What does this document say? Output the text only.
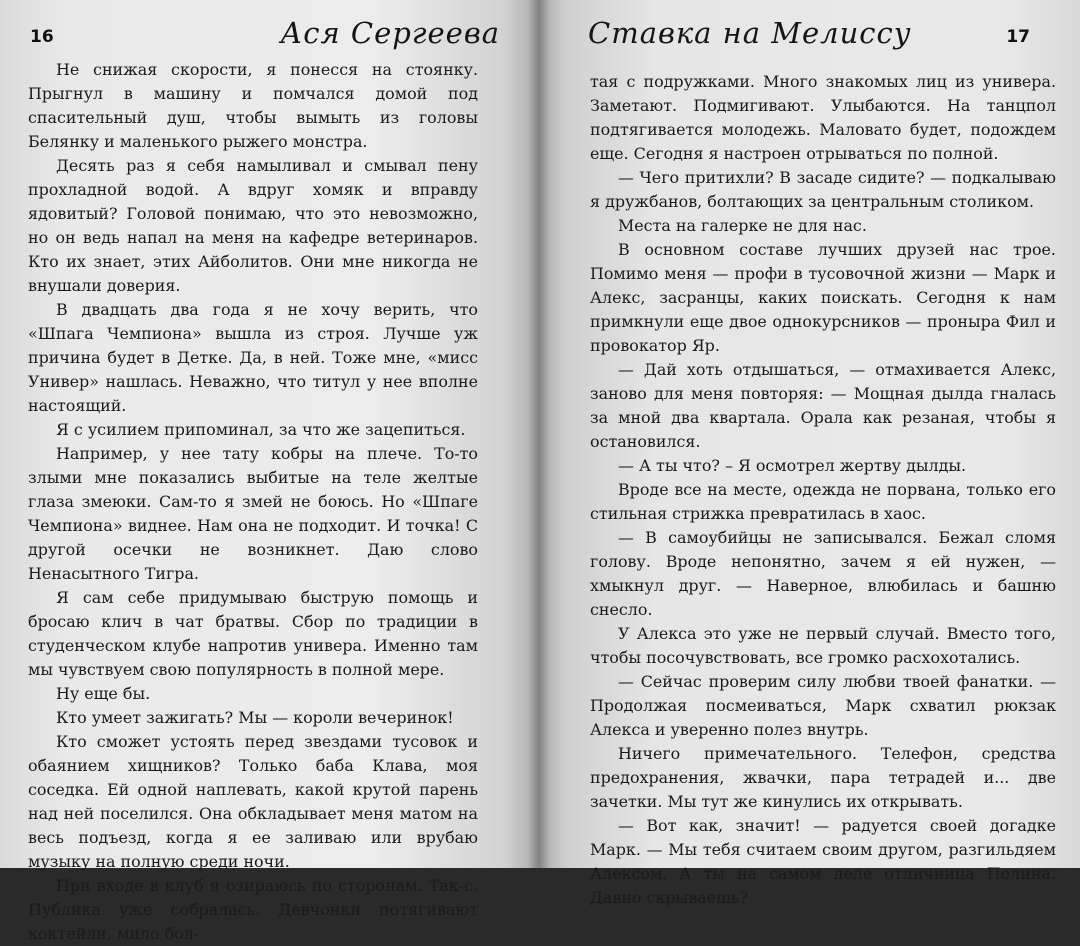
16	Ася Сергеева

Не снижая скорости, я понесся на стоянку. Прыгнул в машину и помчался домой под спасительный душ, чтобы вымыть из головы Белянку и маленького рыжего монстра.

Десять раз я себя намыливал и смывал пену прохладной водой. А вдруг хомяк и вправду ядовитый? Головой понимаю, что это невозможно, но он ведь напал на меня на кафедре ветеринаров. Кто их знает, этих Айболитов. Они мне никогда не внушали доверия.

В двадцать два года я не хочу верить, что «Шпага Чемпиона» вышла из строя. Лучше уж причина будет в Детке. Да, в ней. Тоже мне, «мисс Универ» нашлась. Неважно, что титул у нее вполне настоящий.

Я с усилием припоминал, за что же зацепиться.

Например, у нее тату кобры на плече. То-то злыми мне показались выбитые на теле желтые глаза змеюки. Сам-то я змей не боюсь. Но «Шпаге Чемпиона» виднее. Нам она не подходит. И точка! С другой осечки не возникнет. Даю слово Ненасытного Тигра.

Я сам себе придумываю быструю помощь и бросаю клич в чат братвы. Сбор по традиции в студенческом клубе напротив универа. Именно там мы чувствуем свою популярность в полной мере.

Ну еще бы.

Кто умеет зажигать? Мы — короли вечеринок!

Кто сможет устоять перед звездами тусовок и обаянием хищников? Только баба Клава, моя соседка. Ей одной наплевать, какой крутой парень над ней поселился. Она обкладывает меня матом на весь подъезд, когда я ее заливаю или врубаю музыку на полную среди ночи.

При входе в клуб я озираюсь по сторонам. Так-с. Публика уже собралась. Девчонки потягивают коктейли, мило бол-

Ставка на Мелиссу	17

тая с подружками. Много знакомых лиц из универа. Заметают. Подмигивают. Улыбаются. На танцпол подтягивается молодежь. Маловато будет, подождем еще. Сегодня я настроен отрываться по полной.

— Чего притихли? В засаде сидите? — подкалываю я дружбанов, болтающих за центральным столиком.

Места на галерке не для нас.

В основном составе лучших друзей нас трое. Помимо меня — профи в тусовочной жизни — Марк и Алекс, засранцы, каких поискать. Сегодня к нам примкнули еще двое однокурсников — проныра Фил и провокатор Яр.

— Дай хоть отдышаться, — отмахивается Алекс, заново для меня повторяя: — Мощная дылда гналась за мной два квартала. Орала как резаная, чтобы я остановился.

— А ты что? – Я осмотрел жертву дылды.

Вроде все на месте, одежда не порвана, только его стильная стрижка превратилась в хаос.

— В самоубийцы не записывался. Бежал сломя голову. Вроде непонятно, зачем я ей нужен, — хмыкнул друг. — Наверное, влюбилась и башню снесло.

У Алекса это уже не первый случай. Вместо того, чтобы посочувствовать, все громко расхохотались.

— Сейчас проверим силу любви твоей фанатки. — Продолжая посмеиваться, Марк схватил рюкзак Алекса и уверенно полез внутрь.

Ничего примечательного. Телефон, средства предохранения, жвачки, пара тетрадей и... две зачетки. Мы тут же кинулись их открывать.

— Вот как, значит! — радуется своей догадке Марк. — Мы тебя считаем своим другом, разгильдяем Алексом. А ты на самом деле отличница Полина. Давно скрываешь?
